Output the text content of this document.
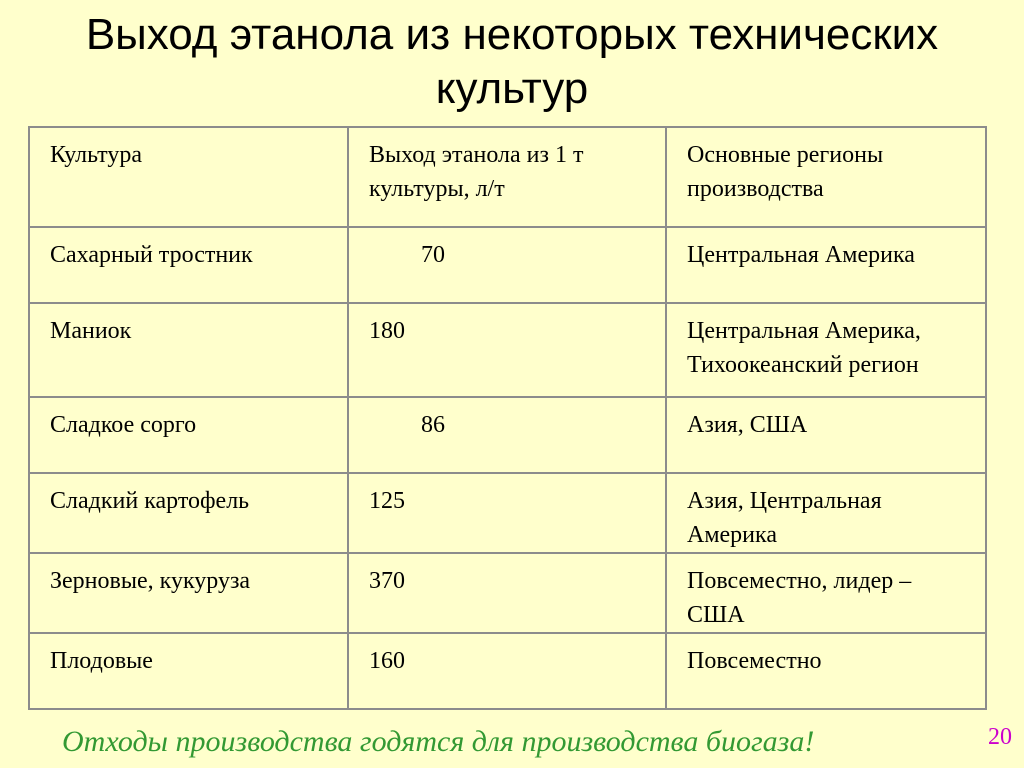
Выход этанола из некоторых технических культур
Культура	Выход этанола из 1 т культуры, л/т	Основные регионы производства
Сахарный тростник	70	Центральная Америка
Маниок	180	Центральная Америка, Тихоокеанский регион
Сладкое сорго	86	Азия, США
Сладкий картофель	125	Азия, Центральная Америка
Зерновые, кукуруза	370	Повсеместно, лидер – США
Плодовые	160	Повсеместно
Отходы производства годятся для производства биогаза!	20
